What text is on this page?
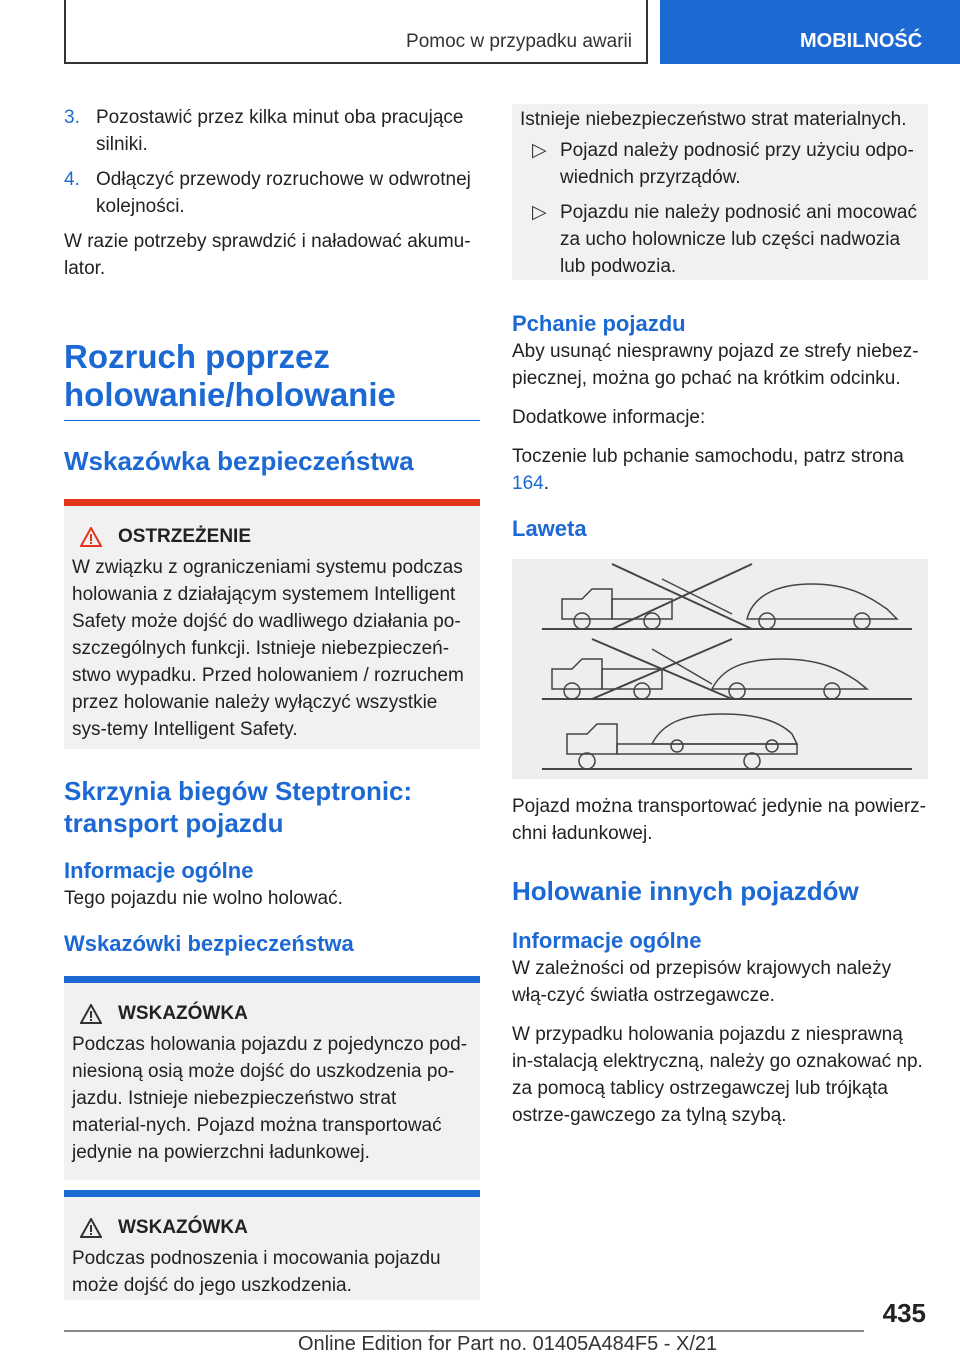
Pomoc w przypadku awarii	MOBILNOŚĆ
3. Pozostawić przez kilka minut oba pracujące silniki.
4. Odłączyć przewody rozruchowe w odwrotnej kolejności.

W razie potrzeby sprawdzić i naładować akumu-lator.

Rozruch poprzez holowanie/holowanie
Wskazówka bezpieczeństwa
OSTRZEŻENIE

W związku z ograniczeniami systemu podczas holowania z działającym systemem Intelligent Safety może dojść do wadliwego działania po-szczególnych funkcji. Istnieje niebezpieczeń-stwo wypadku. Przed holowaniem / rozruchem przez holowanie należy wyłączyć wszystkie sys-temy Intelligent Safety.

Skrzynia biegów Steptronic: transport pojazdu
Informacje ogólne

Tego pojazdu nie wolno holować.

Wskazówki bezpieczeństwa
WSKAZÓWKA

Podczas holowania pojazdu z pojedynczo pod-niesioną osią może dojść do uszkodzenia po-jazdu. Istnieje niebezpieczeństwo strat material-nych. Pojazd można transportować jedynie na powierzchni ładunkowej.

WSKAZÓWKA

Podczas podnoszenia i mocowania pojazdu może dojść do jego uszkodzenia.

Istnieje niebezpieczeństwo strat materialnych.

▷ Pojazd należy podnosić przy użyciu odpo-wiednich przyrządów.
▷ Pojazdu nie należy podnosić ani mocować za ucho holownicze lub części nadwozia lub podwozia.
Pchanie pojazdu

Aby usunąć niesprawny pojazd ze strefy niebez-piecznej, można go pchać na krótkim odcinku.

Dodatkowe informacje:

Toczenie lub pchanie samochodu, patrz strona 164.

Laweta

Pojazd można transportować jedynie na powierz-chni ładunkowej.

Holowanie innych pojazdów
Informacje ogólne

W zależności od przepisów krajowych należy włą-czyć światła ostrzegawcze.

W przypadku holowania pojazdu z niesprawną in-stalacją elektryczną, należy go oznakować np. za pomocą tablicy ostrzegawczej lub trójkąta ostrze-gawczego za tylną szybą.

435
Online Edition for Part no. 01405A484F5 - X/21
